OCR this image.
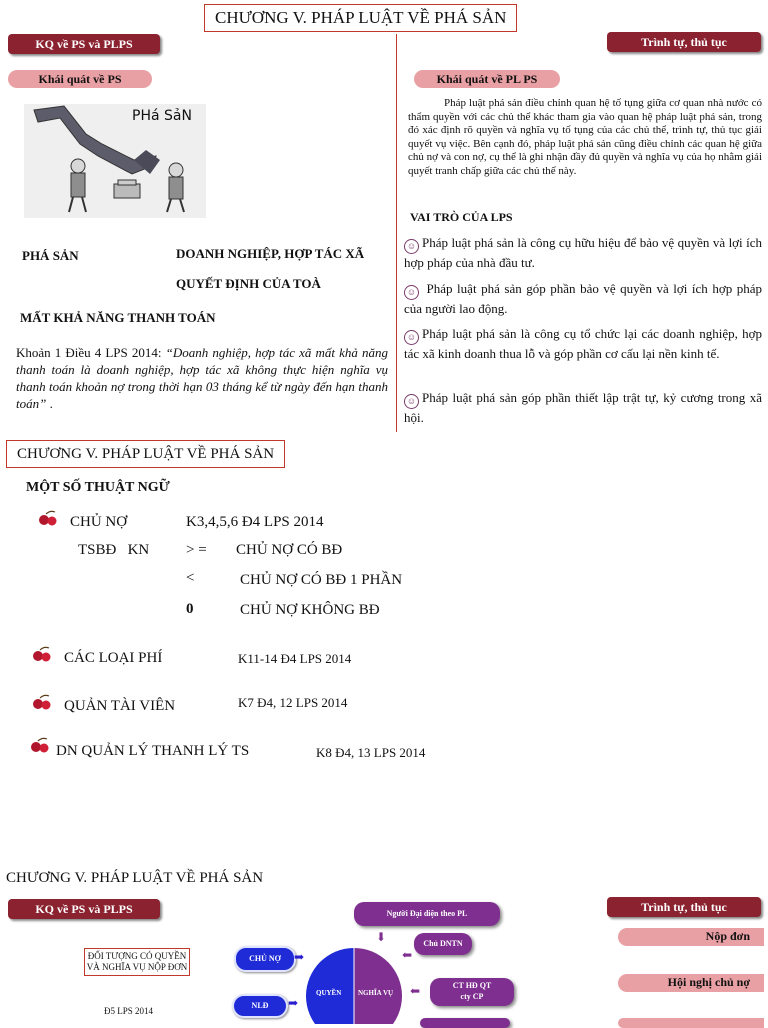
CHƯƠNG V. PHÁP LUẬT VỀ PHÁ SẢN
KQ về PS và PLPS	Trình tự, thủ tục
Khái quát về PS	Khái quát về PL PS
PHá SảN
PHÁ SẢN	DOANH NGHIỆP, HỢP TÁC XÃ
QUYẾT ĐỊNH CỦA TOÀ
MẤT KHẢ NĂNG THANH TOÁN
Khoản 1 Điều 4 LPS 2014: “Doanh nghiệp, hợp tác xã mất khả năng thanh toán là doanh nghiệp, hợp tác xã không thực hiện nghĩa vụ thanh toán khoản nợ trong thời hạn 03 tháng kể từ ngày đến hạn thanh toán” .
Pháp luật phá sản điều chỉnh quan hệ tố tụng giữa cơ quan nhà nước có thẩm quyền với các chủ thể khác tham gia vào quan hệ pháp luật phá sản, trong đó xác định rõ quyền và nghĩa vụ tố tụng của các chủ thể, trình tự, thủ tục giải quyết vụ việc. Bên cạnh đó, pháp luật phá sản cũng điều chỉnh các quan hệ giữa chủ nợ và con nợ, cụ thể là ghi nhận đầy đủ quyền và nghĩa vụ của họ nhằm giải quyết tranh chấp giữa các chủ thể này.
VAI TRÒ CỦA LPS
☺ Pháp luật phá sản là công cụ hữu hiệu để bảo vệ quyền và lợi ích hợp pháp của nhà đầu tư.
☺ Pháp luật phá sản góp phần bảo vệ quyền và lợi ích hợp pháp của người lao động.
☺ Pháp luật phá sản là công cụ tổ chức lại các doanh nghiệp, hợp tác xã kinh doanh thua lỗ và góp phần cơ cấu lại nền kinh tế.
☺ Pháp luật phá sản góp phần thiết lập trật tự, kỷ cương trong xã hội.
CHƯƠNG V. PHÁP LUẬT VỀ PHÁ SẢN
MỘT SỐ THUẬT NGỮ
CHỦ NỢ	K3,4,5,6 Đ4 LPS 2014
TSBĐ   KN > = CHỦ NỢ CÓ BĐ
<	CHỦ NỢ CÓ BĐ 1 PHẦN
0	CHỦ NỢ KHÔNG BĐ
CÁC LOẠI PHÍ	K11-14 Đ4 LPS 2014
QUẢN TÀI VIÊN	K7 Đ4, 12 LPS 2014
DN QUẢN LÝ THANH LÝ TS	K8 Đ4, 13 LPS 2014
CHƯƠNG V. PHÁP LUẬT VỀ PHÁ SẢN
KQ về PS và PLPS	Trình tự, thủ tục
ĐỐI TƯỢNG CÓ QUYỀN VÀ NGHĨA VỤ NỘP ĐƠN
Đ5 LPS 2014
Người Đại diện theo PL
⬇	Chủ DNTN
CT HĐ QT
cty CP
QUYỀN NGHĨA VỤ
CHỦ NỢ	➡
NLĐ	➡
⬅
⬅
Nộp đơn
Hội nghị chủ nợ
